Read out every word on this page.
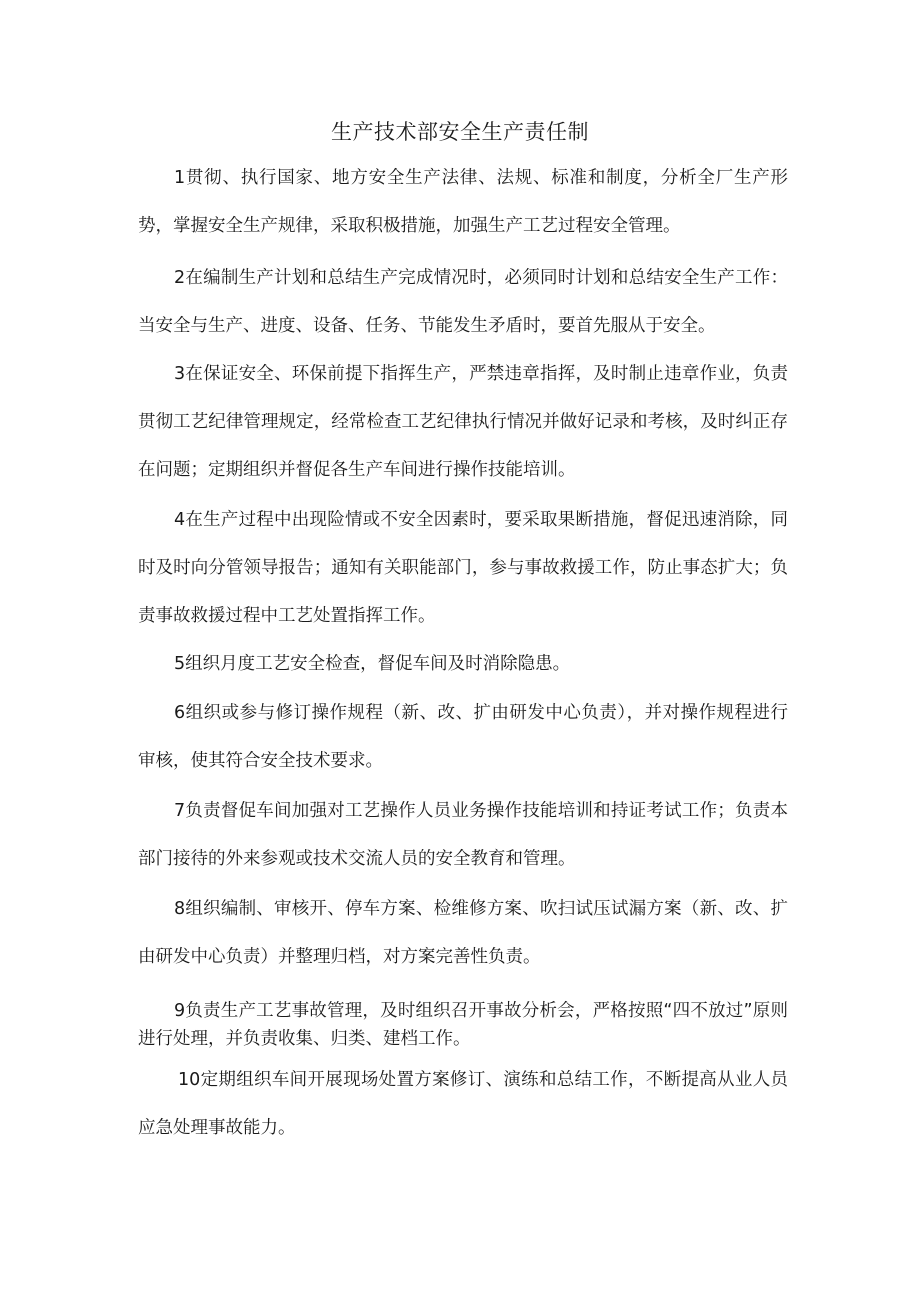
生产技术部安全生产责任制

1贯彻、执行国家、地方安全生产法律、法规、标准和制度，分析全厂生产形势，掌握安全生产规律，采取积极措施，加强生产工艺过程安全管理。

2在编制生产计划和总结生产完成情况时，必须同时计划和总结安全生产工作：当安全与生产、进度、设备、任务、节能发生矛盾时，要首先服从于安全。

3在保证安全、环保前提下指挥生产，严禁违章指挥，及时制止违章作业，负责贯彻工艺纪律管理规定，经常检查工艺纪律执行情况并做好记录和考核，及时纠正存在问题；定期组织并督促各生产车间进行操作技能培训。

4在生产过程中出现险情或不安全因素时，要采取果断措施，督促迅速消除，同时及时向分管领导报告；通知有关职能部门，参与事故救援工作，防止事态扩大；负责事故救援过程中工艺处置指挥工作。

5组织月度工艺安全检查，督促车间及时消除隐患。

6组织或参与修订操作规程（新、改、扩由研发中心负责），并对操作规程进行审核，使其符合安全技术要求。

7负责督促车间加强对工艺操作人员业务操作技能培训和持证考试工作；负责本部门接待的外来参观或技术交流人员的安全教育和管理。

8组织编制、审核开、停车方案、检维修方案、吹扫试压试漏方案（新、改、扩由研发中心负责）并整理归档，对方案完善性负责。

9负责生产工艺事故管理，及时组织召开事故分析会，严格按照“四不放过”原则进行处理，并负责收集、归类、建档工作。

10定期组织车间开展现场处置方案修订、演练和总结工作，不断提高从业人员应急处理事故能力。
